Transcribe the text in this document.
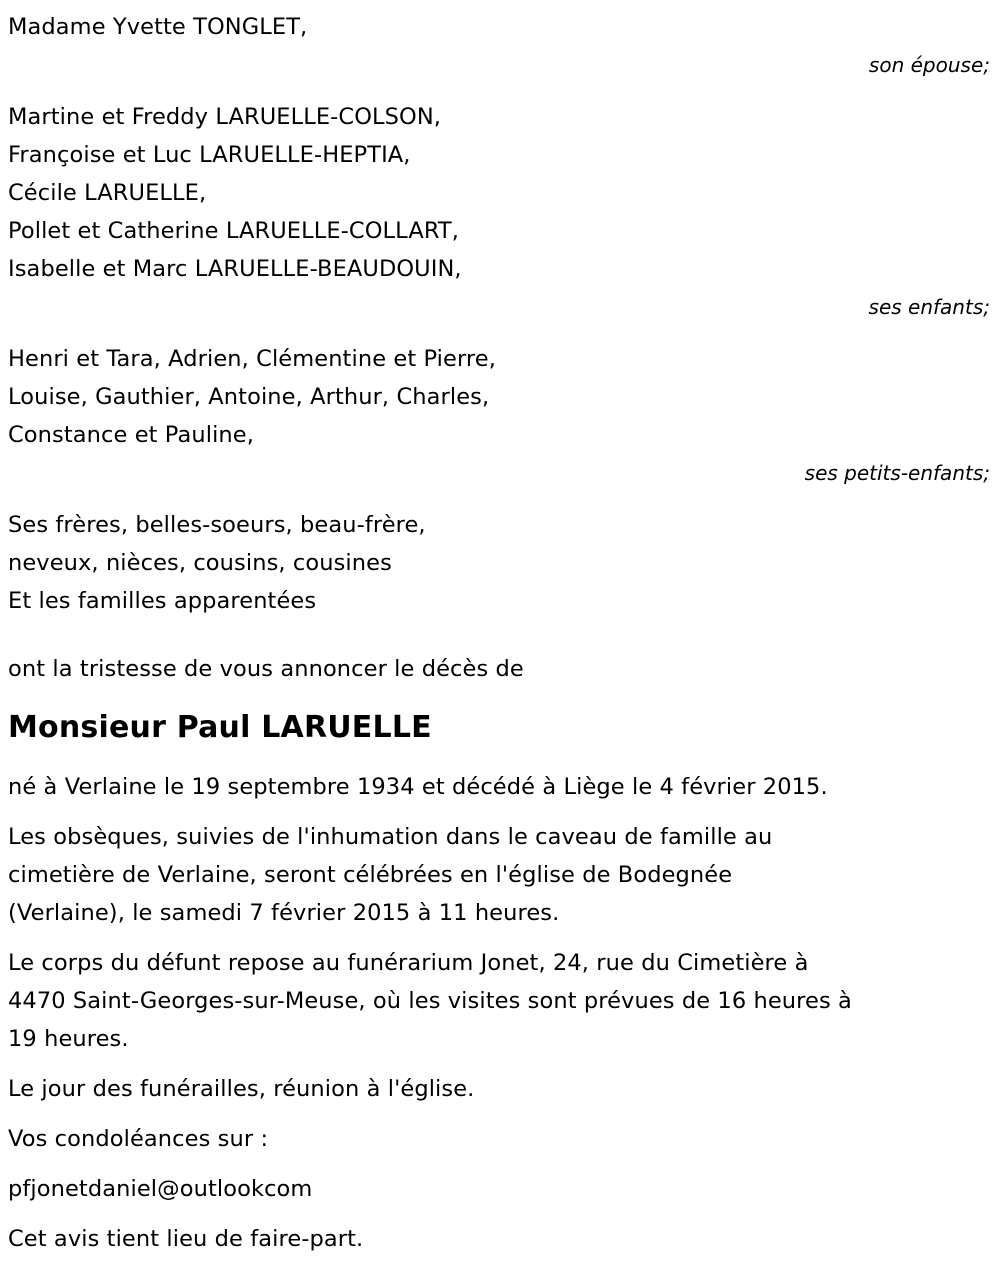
Madame Yvette TONGLET,
son épouse;
Martine et Freddy LARUELLE-COLSON,
Françoise et Luc LARUELLE-HEPTIA,
Cécile LARUELLE,
Pollet et Catherine LARUELLE-COLLART,
Isabelle et Marc LARUELLE-BEAUDOUIN,
ses enfants;
Henri et Tara, Adrien, Clémentine et Pierre,
Louise, Gauthier, Antoine, Arthur, Charles,
Constance et Pauline,
ses petits-enfants;
Ses frères, belles-soeurs, beau-frère,
neveux, nièces, cousins, cousines
Et les familles apparentées
ont la tristesse de vous annoncer le décès de
Monsieur Paul LARUELLE
né à Verlaine le 19 septembre 1934 et décédé à Liège le 4 février 2015.
Les obsèques, suivies de l'inhumation dans le caveau de famille au
cimetière de Verlaine, seront célébrées en l'église de Bodegnée
(Verlaine), le samedi 7 février 2015 à 11 heures.
Le corps du défunt repose au funérarium Jonet, 24, rue du Cimetière à
4470 Saint-Georges-sur-Meuse, où les visites sont prévues de 16 heures à
19 heures.
Le jour des funérailles, réunion à l'église.
Vos condoléances sur :
pfjonetdaniel@outlookcom
Cet avis tient lieu de faire-part.
